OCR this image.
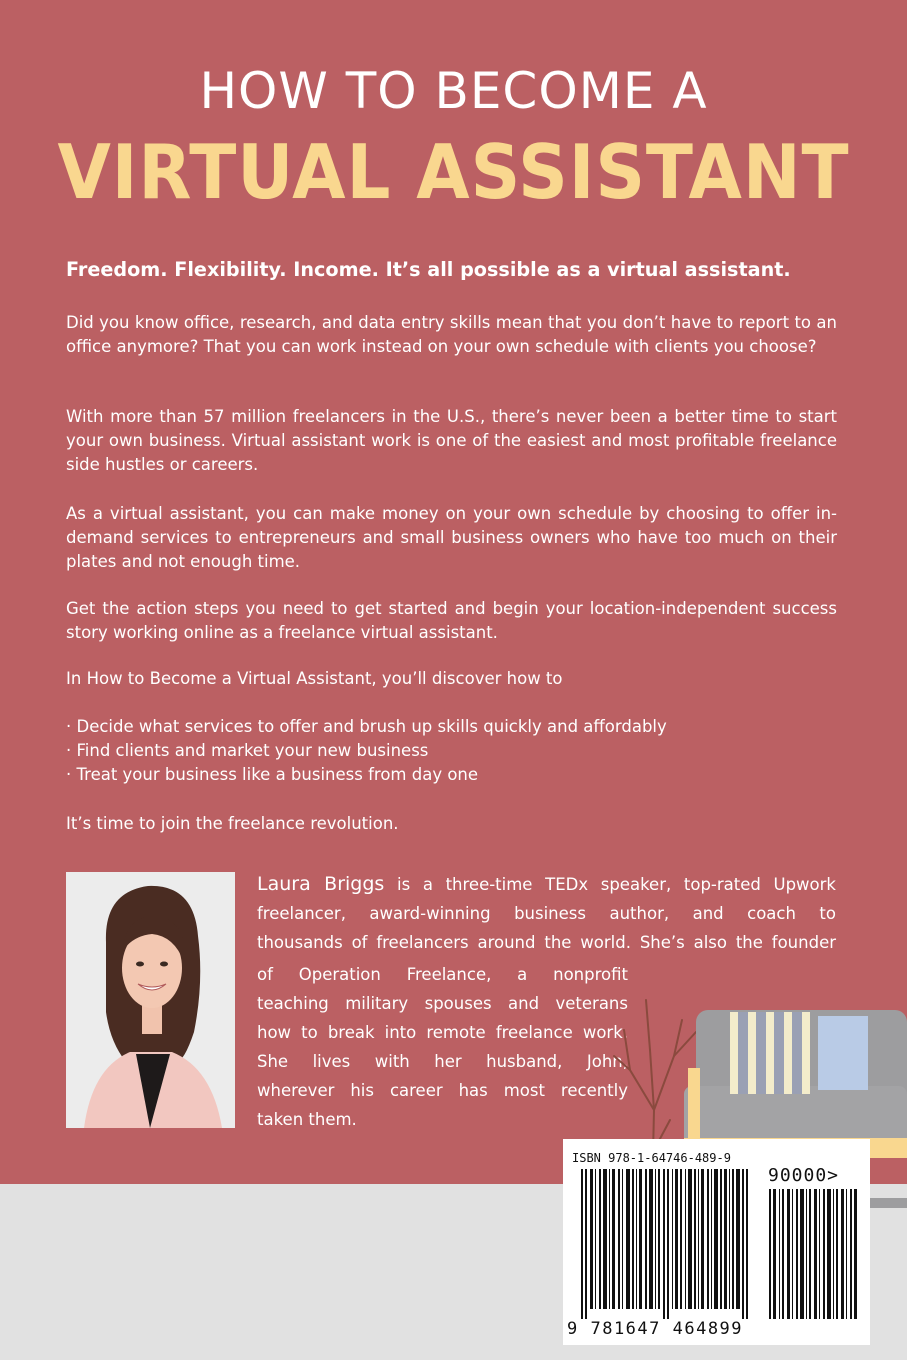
HOW TO BECOME A
VIRTUAL ASSISTANT
Freedom. Flexibility. Income. It’s all possible as a virtual assistant.
Did you know office, research, and data entry skills mean that you don’t have to report to an office anymore? That you can work instead on your own schedule with clients you choose?
With more than 57 million freelancers in the U.S., there’s never been a better time to start your own business. Virtual assistant work is one of the easiest and most profitable freelance side hustles or careers.
As a virtual assistant, you can make money on your own schedule by choosing to offer in-demand services to entrepreneurs and small business owners who have too much on their plates and not enough time.
Get the action steps you need to get started and begin your location-independent success story working online as a freelance virtual assistant.
In How to Become a Virtual Assistant, you’ll discover how to
· Decide what services to offer and brush up skills quickly and affordably
· Find clients and market your new business
· Treat your business like a business from day one
It’s time to join the freelance revolution.
Laura Briggs is a three-time TEDx speaker, top-rated Upwork
freelancer, award-winning business author, and coach to
thousands of freelancers around the world. She’s also the founder
of Operation Freelance, a nonprofit
teaching military spouses and veterans
how to break into remote freelance work.
She lives with her husband, John,
wherever his career has most recently
taken them.
ISBN 978-1-64746-489-9
90000>
9 781647 464899
